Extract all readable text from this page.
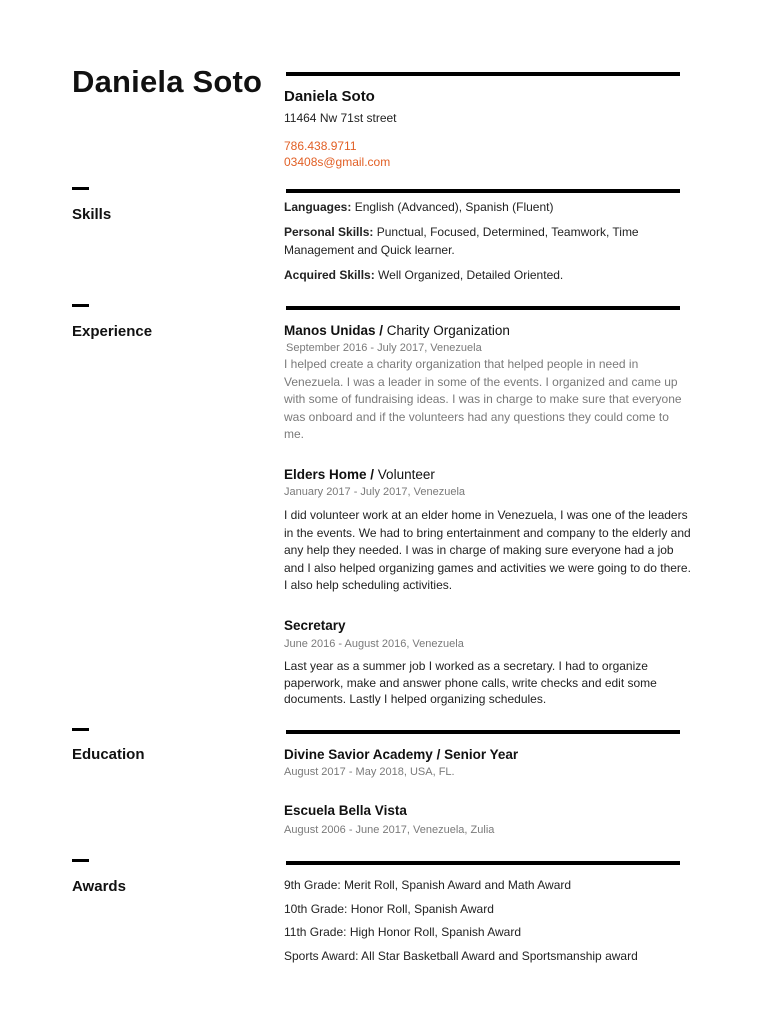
Daniela Soto Daniela Soto
11464 Nw 71st street
786.438.9711
03408s@gmail.com
Skills	Languages: English (Advanced), Spanish (Fluent)
Personal Skills: Punctual, Focused, Determined, Teamwork, Time Management and Quick learner.
Acquired Skills: Well Organized, Detailed Oriented.
Experience	Manos Unidas / Charity Organization
September 2016 - July 2017, Venezuela
I helped create a charity organization that helped people in need in Venezuela. I was a leader in some of the events. I organized and came up with some of fundraising ideas. I was in charge to make sure that everyone was onboard and if the volunteers had any questions they could come to me.
Elders Home / Volunteer
January 2017 - July 2017, Venezuela
I did volunteer work at an elder home in Venezuela, I was one of the leaders in the events. We had to bring entertainment and company to the elderly and any help they needed. I was in charge of making sure everyone had a job and I also helped organizing games and activities we were going to do there. I also help scheduling activities.
Secretary
June 2016 - August 2016, Venezuela
Last year as a summer job I worked as a secretary. I had to organize paperwork, make and answer phone calls, write checks and edit some documents. Lastly I helped organizing schedules.
Education	Divine Savior Academy / Senior Year
August 2017 - May 2018, USA, FL.
Escuela Bella Vista
August 2006 - June 2017, Venezuela, Zulia
Awards	9th Grade: Merit Roll, Spanish Award and Math Award
10th Grade: Honor Roll, Spanish Award
11th Grade: High Honor Roll, Spanish Award
Sports Award: All Star Basketball Award and Sportsmanship award
